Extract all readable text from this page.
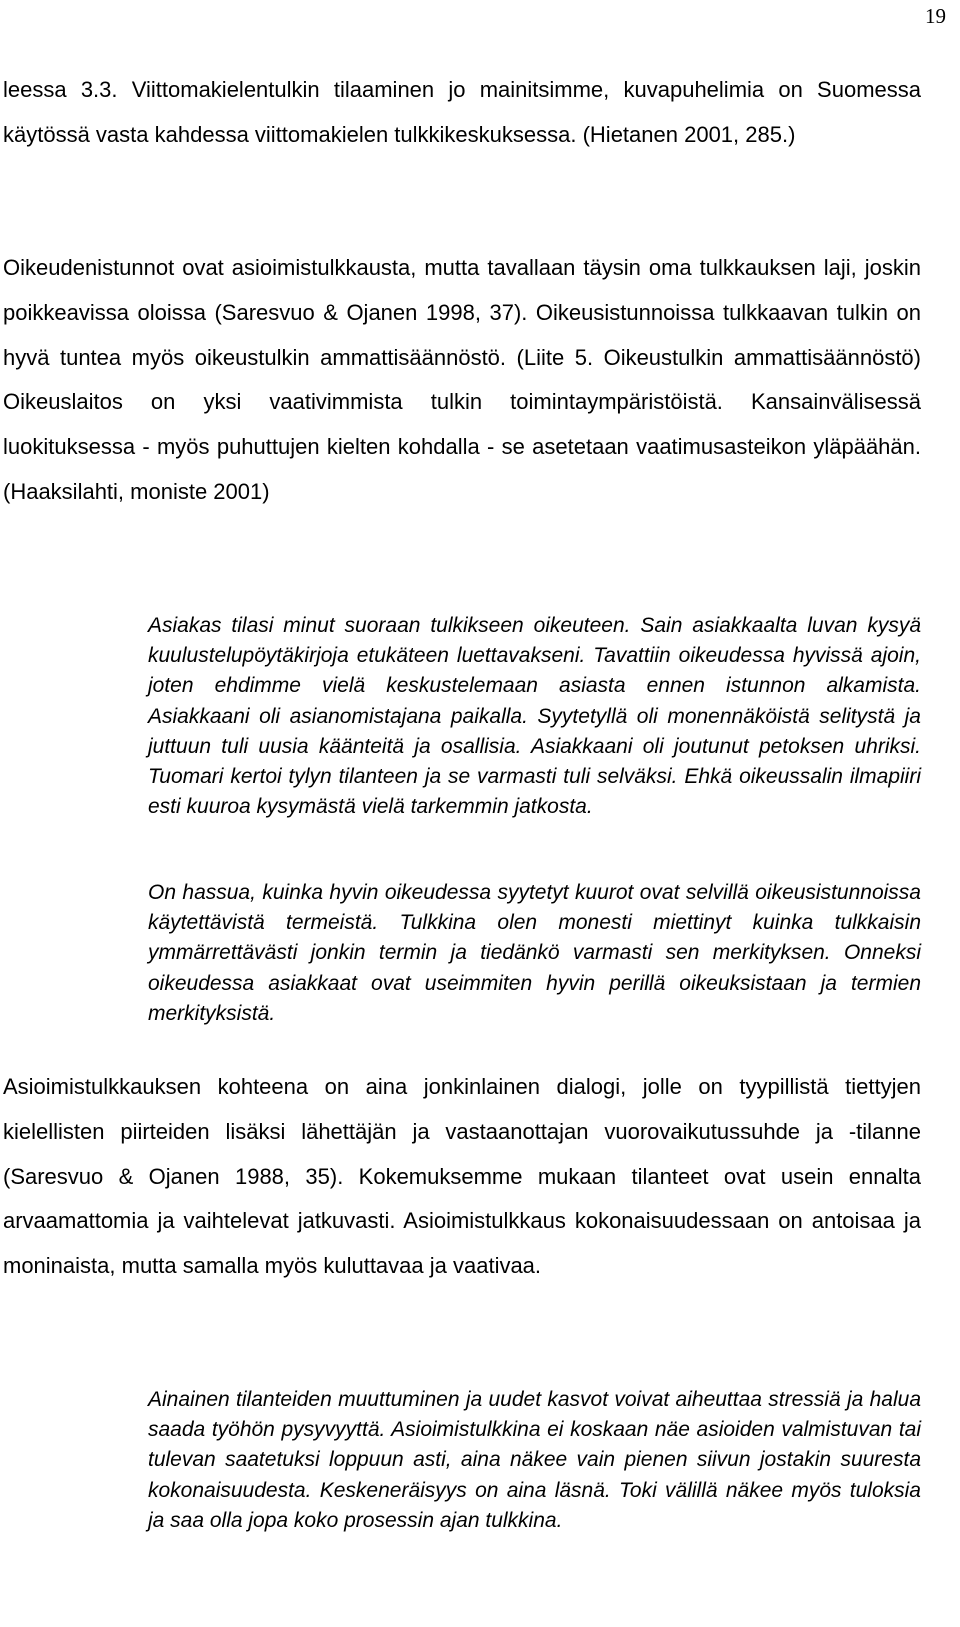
19

leessa 3.3. Viittomakielentulkin tilaaminen jo mainitsimme, kuvapuhelimia on Suomessa käytössä vasta kahdessa viittomakielen tulkkikeskuksessa. (Hietanen 2001, 285.)

Oikeudenistunnot ovat asioimistulkkausta, mutta tavallaan täysin oma tulkkauksen laji, joskin poikkeavissa oloissa (Saresvuo & Ojanen 1998, 37). Oikeusistunnoissa tulkkaavan tulkin on hyvä tuntea myös oikeustulkin ammattisäännöstö. (Liite 5. Oikeustulkin ammattisäännöstö) Oikeuslaitos on yksi vaativimmista tulkin toimintaympäristöistä. Kansainvälisessä luokituksessa - myös puhuttujen kielten kohdalla - se asetetaan vaatimusasteikon yläpäähän. (Haaksilahti, moniste 2001)

Asiakas tilasi minut suoraan tulkikseen oikeuteen. Sain asiakkaalta luvan kysyä kuulustelupöytäkirjoja etukäteen luettavakseni. Tavattiin oikeudessa hyvissä ajoin, joten ehdimme vielä keskustelemaan asiasta ennen istunnon alkamista. Asiakkaani oli asianomistajana paikalla. Syytetyllä oli monennäköistä selitystä ja juttuun tuli uusia käänteitä ja osallisia. Asiakkaani oli joutunut petoksen uhriksi. Tuomari kertoi tylyn tilanteen ja se varmasti tuli selväksi. Ehkä oikeussalin ilmapiiri esti kuuroa kysymästä vielä tarkemmin jatkosta.

On hassua, kuinka hyvin oikeudessa syytetyt kuurot ovat selvillä oikeusistunnoissa käytettävistä termeistä. Tulkkina olen monesti miettinyt kuinka tulkkaisin ymmärrettävästi jonkin termin ja tiedänkö varmasti sen merkityksen. Onneksi oikeudessa asiakkaat ovat useimmiten hyvin perillä oikeuksistaan ja termien merkityksistä.

Asioimistulkkauksen kohteena on aina jonkinlainen dialogi, jolle on tyypillistä tiettyjen kielellisten piirteiden lisäksi lähettäjän ja vastaanottajan vuorovaikutussuhde ja -tilanne (Saresvuo & Ojanen 1988, 35). Kokemuksemme mukaan tilanteet ovat usein ennalta arvaamattomia ja vaihtelevat jatkuvasti. Asioimistulkkaus kokonaisuudessaan on antoisaa ja moninaista, mutta samalla myös kuluttavaa ja vaativaa.

Ainainen tilanteiden muuttuminen ja uudet kasvot voivat aiheuttaa stressiä ja halua saada työhön pysyvyyttä. Asioimistulkkina ei koskaan näe asioiden valmistuvan tai tulevan saatetuksi loppuun asti, aina näkee vain pienen siivun jostakin suuresta kokonaisuudesta. Keskeneräisyys on aina läsnä. Toki välillä näkee myös tuloksia ja saa olla jopa koko prosessin ajan tulkkina.
